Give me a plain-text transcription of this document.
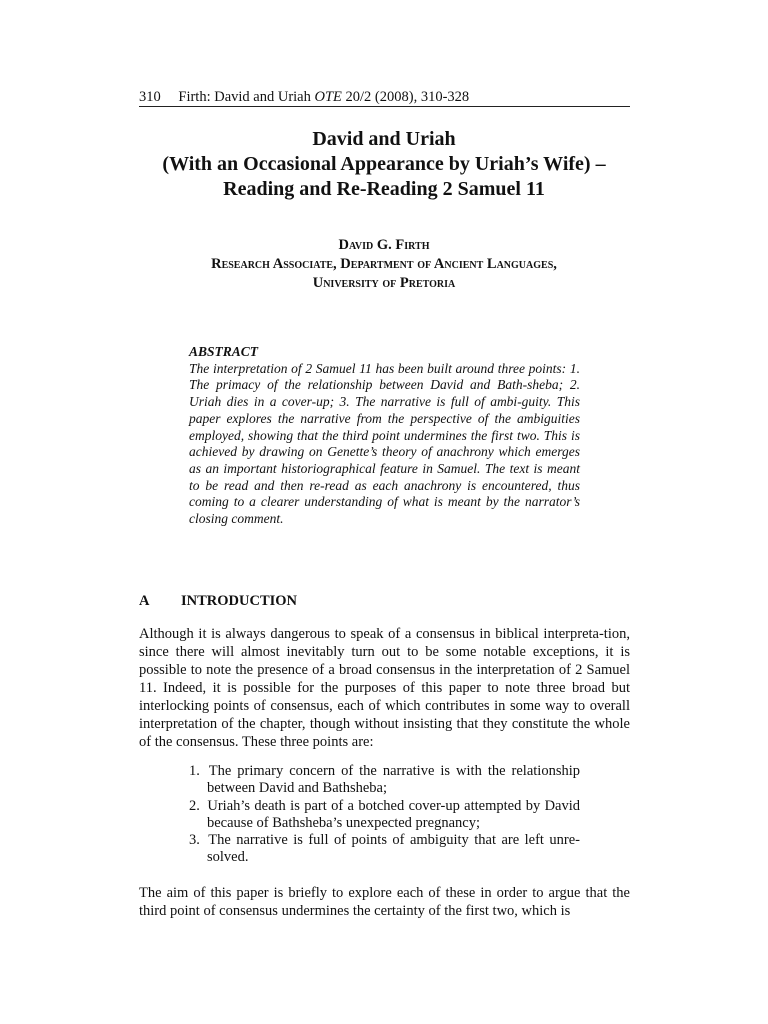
310 Firth: David and Uriah OTE 20/2 (2008), 310-328
David and Uriah
(With an Occasional Appearance by Uriah’s Wife) –
Reading and Re-Reading 2 Samuel 11
David G. Firth
Research Associate, Department of Ancient Languages,
University of Pretoria
ABSTRACT
The interpretation of 2 Samuel 11 has been built around three points: 1. The primacy of the relationship between David and Bath-sheba; 2. Uriah dies in a cover-up; 3. The narrative is full of ambi-guity. This paper explores the narrative from the perspective of the ambiguities employed, showing that the third point undermines the first two. This is achieved by drawing on Genette’s theory of anachrony which emerges as an important historiographical feature in Samuel. The text is meant to be read and then re-read as each anachrony is encountered, thus coming to a clearer understanding of what is meant by the narrator’s closing comment.
A INTRODUCTION
Although it is always dangerous to speak of a consensus in biblical interpreta-tion, since there will almost inevitably turn out to be some notable exceptions, it is possible to note the presence of a broad consensus in the interpretation of 2 Samuel 11. Indeed, it is possible for the purposes of this paper to note three broad but interlocking points of consensus, each of which contributes in some way to overall interpretation of the chapter, though without insisting that they constitute the whole of the consensus. These three points are:
1. The primary concern of the narrative is with the relationship between David and Bathsheba;
2. Uriah’s death is part of a botched cover-up attempted by David because of Bathsheba’s unexpected pregnancy;
3. The narrative is full of points of ambiguity that are left unre-solved.
The aim of this paper is briefly to explore each of these in order to argue that the third point of consensus undermines the certainty of the first two, which is
